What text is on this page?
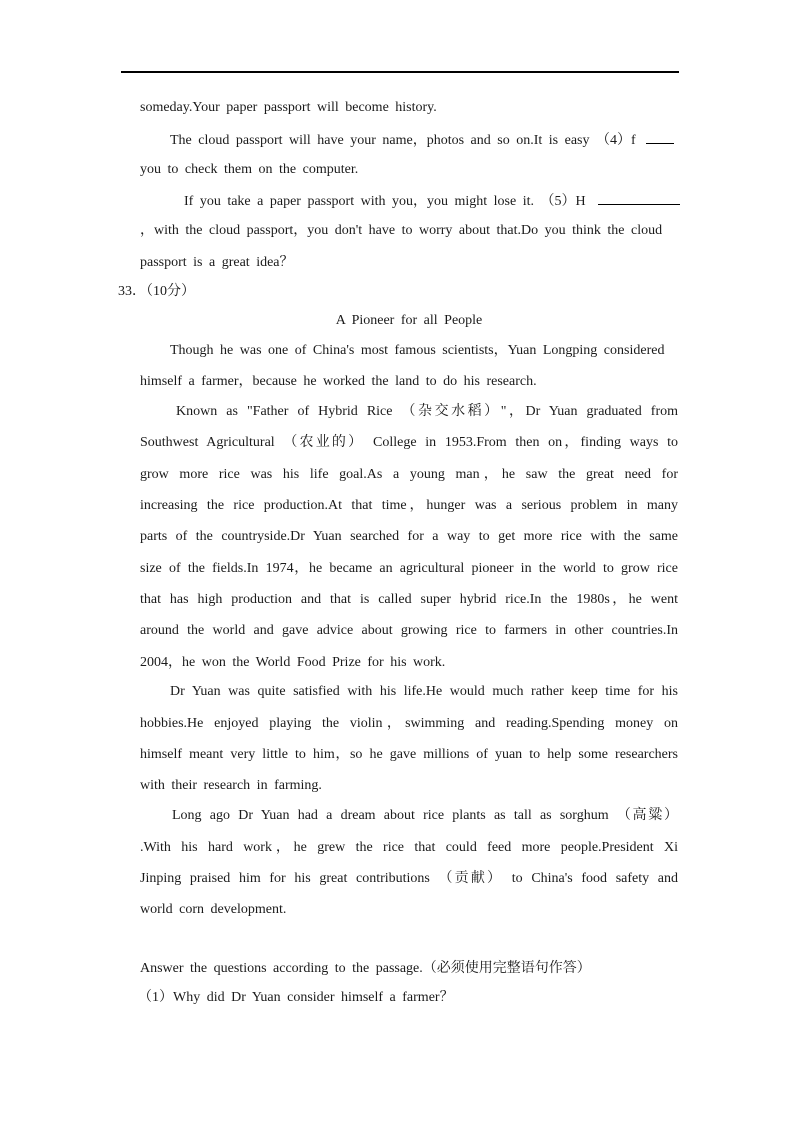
someday.Your paper passport will become history.
The cloud passport will have your name，photos and so on.It is easy （4）f
you to check them on the computer.
If you take a paper passport with you，you might lose it. （5）H
，with the cloud passport，you don't have to worry about that.Do you think the cloud
passport is a great idea？
33．（10分）
A Pioneer for all People
Though he was one of China's most famous scientists，Yuan Longping considered
himself a farmer，because he worked the land to do his research.
Known as "Father of Hybrid Rice （杂交水稻）"，Dr Yuan graduated from
Southwest Agricultural （农业的） College in 1953.From then on，finding ways to
grow more rice was his life goal.As a young man，he saw the great need for
increasing the rice production.At that time，hunger was a serious problem in many
parts of the countryside.Dr Yuan searched for a way to get more rice with the same
size of the fields.In 1974，he became an agricultural pioneer in the world to grow rice
that has high production and that is called super hybrid rice.In the 1980s，he went
around the world and gave advice about growing rice to farmers in other countries.In
2004，he won the World Food Prize for his work.
Dr Yuan was quite satisfied with his life.He would much rather keep time for his
hobbies.He enjoyed playing the violin，swimming and reading.Spending money on
himself meant very little to him，so he gave millions of yuan to help some researchers
with their research in farming.
Long ago Dr Yuan had a dream about rice plants as tall as sorghum （高粱）
.With his hard work，he grew the rice that could feed more people.President Xi
Jinping praised him for his great contributions （贡献） to China's food safety and
world corn development.
Answer the questions according to the passage.（必须使用完整语句作答）
（1）Why did Dr Yuan consider himself a farmer？
